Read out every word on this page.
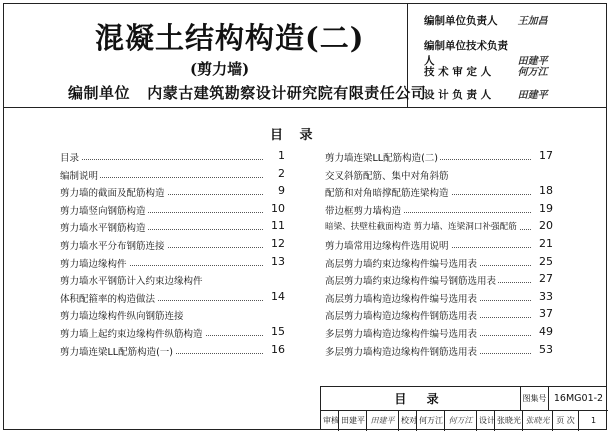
混凝土结构构造(二)
(剪力墙)
编制单位 内蒙古建筑勘察设计研究院有限责任公司
编制单位负责人 王加昌
编制单位技术负责人	田建平
技 术 审 定 人	何万江
设 计 负 责 人	田建平
目 录
目录	1
编制说明	2
剪力墙的截面及配筋构造	9
剪力墙竖向钢筋构造	10
剪力墙水平钢筋构造	11
剪力墙水平分布钢筋连接	12
剪力墙边缘构件	13
剪力墙水平钢筋计入约束边缘构件
体积配箍率的构造做法	14
剪力墙边缘构件纵向钢筋连接
剪力墙上起约束边缘构件纵筋构造	15
剪力墙连梁LL配筋构造(一)	16
剪力墙连梁LL配筋构造(二)	17
交叉斜筋配筋、集中对角斜筋
配筋和对角暗撑配筋连梁构造	18
带边框剪力墙构造	19
暗梁、扶壁柱截面构造 剪力墙、连梁洞口补强配筋 20
剪力墙常用边缘构件选用说明	21
高层剪力墙约束边缘构件编号选用表	25
高层剪力墙约束边缘构件编号钢筋选用表	27
高层剪力墙构造边缘构件编号选用表	33
高层剪力墙构造边缘构件钢筋选用表	37
多层剪力墙构造边缘构件编号选用表	49
多层剪力墙构造边缘构件钢筋选用表	53
目 录	图集号 16MG01-2
审核 田建平 田建平 校对 何万江 何万江 设计 张晓光 张晓光 页 次	1
